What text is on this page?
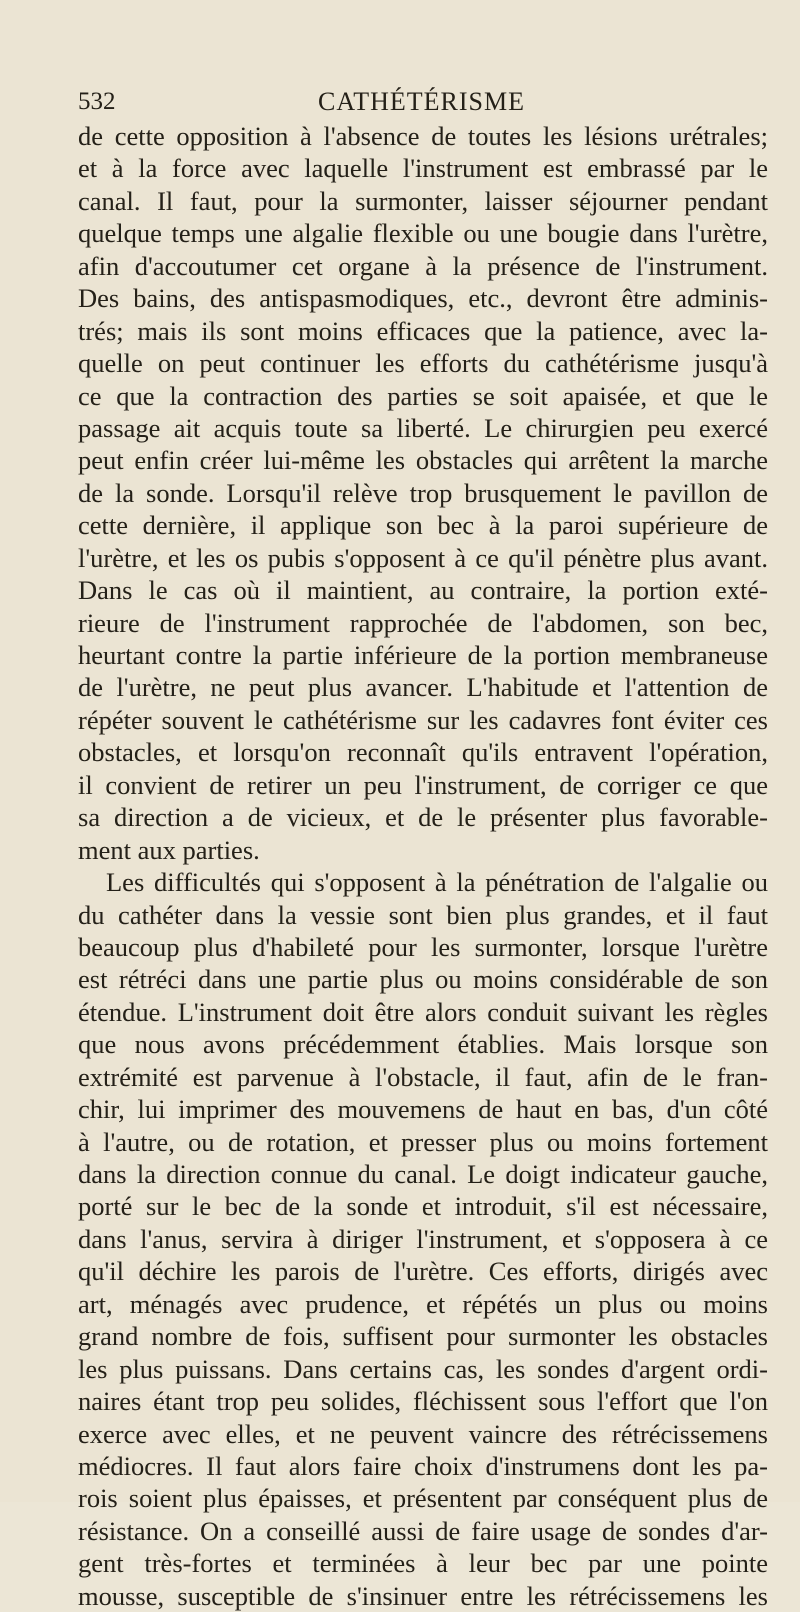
532	CATHÉTÉRISME
de cette opposition à l'absence de toutes les lésions urétrales;
et à la force avec laquelle l'instrument est embrassé par le
canal. Il faut, pour la surmonter, laisser séjourner pendant
quelque temps une algalie flexible ou une bougie dans l'urètre,
afin d'accoutumer cet organe à la présence de l'instrument.
Des bains, des antispasmodiques, etc., devront être adminis-
trés; mais ils sont moins efficaces que la patience, avec la-
quelle on peut continuer les efforts du cathétérisme jusqu'à
ce que la contraction des parties se soit apaisée, et que le
passage ait acquis toute sa liberté. Le chirurgien peu exercé
peut enfin créer lui-même les obstacles qui arrêtent la marche
de la sonde. Lorsqu'il relève trop brusquement le pavillon de
cette dernière, il applique son bec à la paroi supérieure de
l'urètre, et les os pubis s'opposent à ce qu'il pénètre plus avant.
Dans le cas où il maintient, au contraire, la portion exté-
rieure de l'instrument rapprochée de l'abdomen, son bec,
heurtant contre la partie inférieure de la portion membraneuse
de l'urètre, ne peut plus avancer. L'habitude et l'attention de
répéter souvent le cathétérisme sur les cadavres font éviter ces
obstacles, et lorsqu'on reconnaît qu'ils entravent l'opération,
il convient de retirer un peu l'instrument, de corriger ce que
sa direction a de vicieux, et de le présenter plus favorable-
ment aux parties.
Les difficultés qui s'opposent à la pénétration de l'algalie ou
du cathéter dans la vessie sont bien plus grandes, et il faut
beaucoup plus d'habileté pour les surmonter, lorsque l'urètre
est rétréci dans une partie plus ou moins considérable de son
étendue. L'instrument doit être alors conduit suivant les règles
que nous avons précédemment établies. Mais lorsque son
extrémité est parvenue à l'obstacle, il faut, afin de le fran-
chir, lui imprimer des mouvemens de haut en bas, d'un côté
à l'autre, ou de rotation, et presser plus ou moins fortement
dans la direction connue du canal. Le doigt indicateur gauche,
porté sur le bec de la sonde et introduit, s'il est nécessaire,
dans l'anus, servira à diriger l'instrument, et s'opposera à ce
qu'il déchire les parois de l'urètre. Ces efforts, dirigés avec
art, ménagés avec prudence, et répétés un plus ou moins
grand nombre de fois, suffisent pour surmonter les obstacles
les plus puissans. Dans certains cas, les sondes d'argent ordi-
naires étant trop peu solides, fléchissent sous l'effort que l'on
exerce avec elles, et ne peuvent vaincre des rétrécissemens
médiocres. Il faut alors faire choix d'instrumens dont les pa-
rois soient plus épaisses, et présentent par conséquent plus de
résistance. On a conseillé aussi de faire usage de sondes d'ar-
gent très-fortes et terminées à leur bec par une pointe
mousse, susceptible de s'insinuer entre les rétrécissemens les
